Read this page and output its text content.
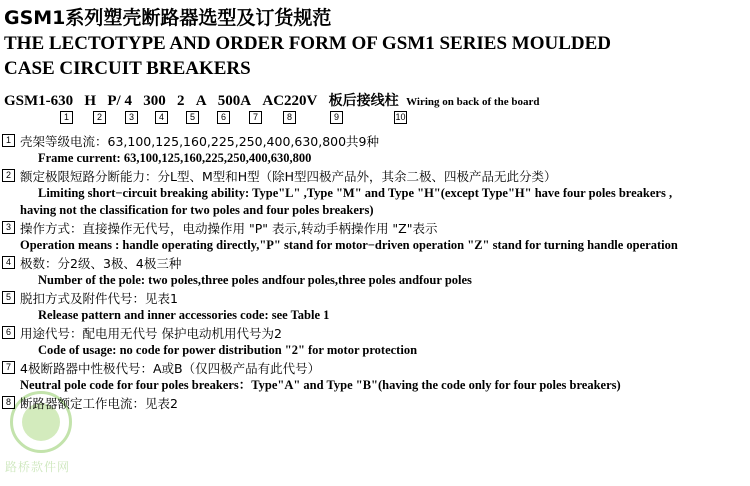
路桥款件网
GSM1系列塑壳断路器选型及订货规范
THE LECTOTYPE AND ORDER FORM OF GSM1 SERIES MOULDED
CASE CIRCUIT BREAKERS
GSM1-630 H P/ 4 300 2 A 500A AC220V 板后接线柱 Wiring on back of the board
1	2	3	4	5	6	7	8	9	10
1 壳架等级电流：63,100,125,160,225,250,400,630,800共9种
Frame current: 63,100,125,160,225,250,400,630,800
2 额定极限短路分断能力：分L型、M型和H型（除H型四极产品外，其余二极、四极产品无此分类）
Limiting short−circuit breaking ability: Type"L" ,Type "M" and Type "H"(except Type"H" have four poles breakers ,
having not the classification for two poles and four poles breakers)
3 操作方式：直接操作无代号，电动操作用 "P" 表示,转动手柄操作用 "Z"表示
Operation means : handle operating directly,"P" stand for motor−driven operation "Z" stand for turning handle operation
4 极数：分2级、3极、4极三种
Number of the pole: two poles,three poles andfour poles,three poles andfour poles
5 脱扣方式及附件代号：见表1
Release pattern and inner accessories code: see Table 1
6 用途代号：配电用无代号 保护电动机用代号为2
Code of usage: no code for power distribution "2" for motor protection
7 4极断路器中性极代号：A或B（仅四极产品有此代号）
Neutral pole code for four poles breakers：Type"A" and Type "B"(having the code only for four poles breakers)
8 断路器额定工作电流：见表2
